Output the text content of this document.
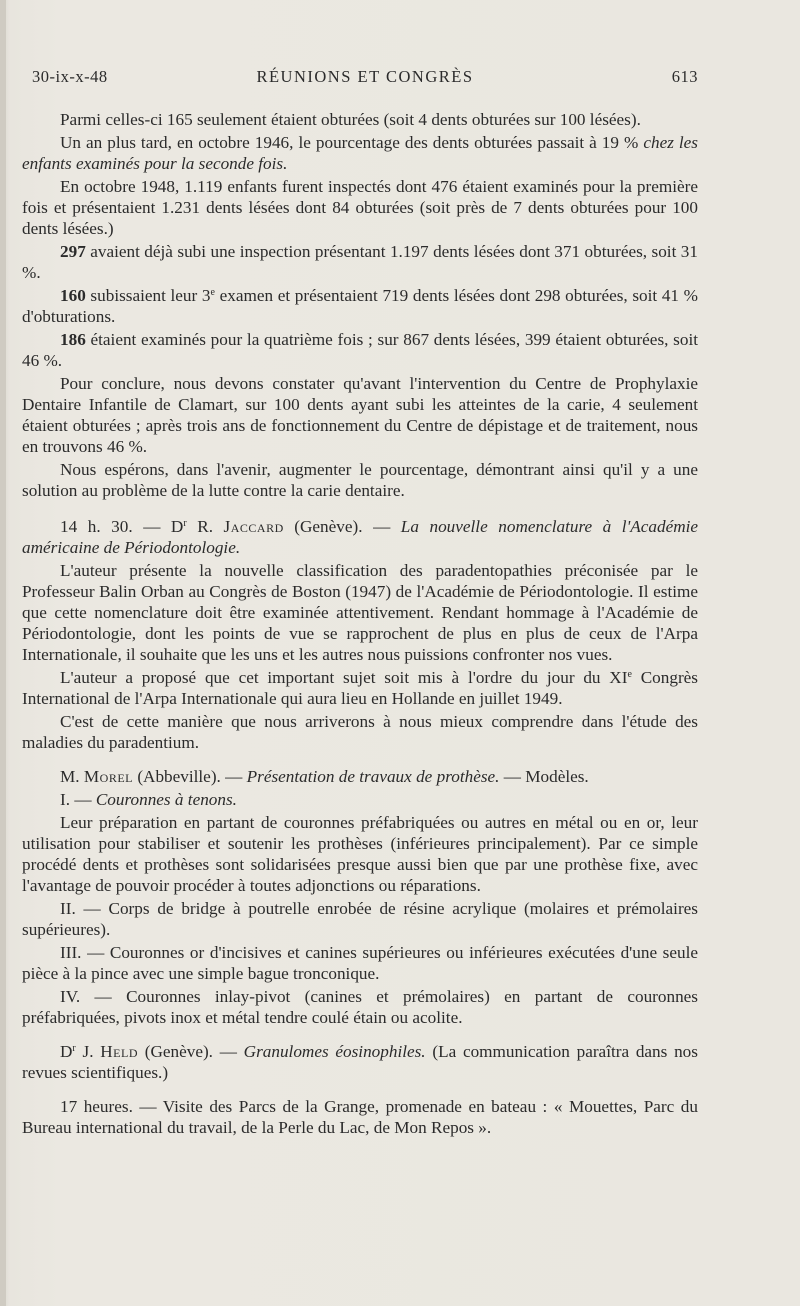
30-ix-x-48	RÉUNIONS ET CONGRÈS	613

Parmi celles-ci 165 seulement étaient obturées (soit 4 dents obturées sur 100 lésées).

Un an plus tard, en octobre 1946, le pourcentage des dents obturées passait à 19 % chez les enfants examinés pour la seconde fois.

En octobre 1948, 1.119 enfants furent inspectés dont 476 étaient examinés pour la première fois et présentaient 1.231 dents lésées dont 84 obturées (soit près de 7 dents obturées pour 100 dents lésées.)

297 avaient déjà subi une inspection présentant 1.197 dents lésées dont 371 obturées, soit 31 %.

160 subissaient leur 3e examen et présentaient 719 dents lésées dont 298 obturées, soit 41 % d'obturations.

186 étaient examinés pour la quatrième fois ; sur 867 dents lésées, 399 étaient obturées, soit 46 %.

Pour conclure, nous devons constater qu'avant l'intervention du Centre de Prophylaxie Dentaire Infantile de Clamart, sur 100 dents ayant subi les atteintes de la carie, 4 seulement étaient obturées ; après trois ans de fonctionnement du Centre de dépistage et de traitement, nous en trouvons 46 %.

Nous espérons, dans l'avenir, augmenter le pourcentage, démontrant ainsi qu'il y a une solution au problème de la lutte contre la carie dentaire.

14 h. 30. — $D^r$ R. Jaccard (Genève). — La nouvelle nomenclature à l'Académie américaine de Périodontologie.

L'auteur présente la nouvelle classification des paradentopathies préconisée par le Professeur Balin Orban au Congrès de Boston (1947) de l'Académie de Périodontologie. Il estime que cette nomenclature doit être examinée attentivement. Rendant hommage à l'Académie de Périodontologie, dont les points de vue se rapprochent de plus en plus de ceux de l'Arpa Internationale, il souhaite que les uns et les autres nous puissions confronter nos vues.

L'auteur a proposé que cet important sujet soit mis à l'ordre du jour du XIe Congrès International de l'Arpa Internationale qui aura lieu en Hollande en juillet 1949.

C'est de cette manière que nous arriverons à nous mieux comprendre dans l'étude des maladies du paradentium.

M. Morel (Abbeville). — Présentation de travaux de prothèse. — Modèles.

I. — Couronnes à tenons.

Leur préparation en partant de couronnes préfabriquées ou autres en métal ou en or, leur utilisation pour stabiliser et soutenir les prothèses (inférieures principalement). Par ce simple procédé dents et prothèses sont solidarisées presque aussi bien que par une prothèse fixe, avec l'avantage de pouvoir procéder à toutes adjonctions ou réparations.

II. — Corps de bridge à poutrelle enrobée de résine acrylique (molaires et prémolaires supérieures).

III. — Couronnes or d'incisives et canines supérieures ou inférieures exécutées d'une seule pièce à la pince avec une simple bague tronconique.

IV. — Couronnes inlay-pivot (canines et prémolaires) en partant de couronnes préfabriquées, pivots inox et métal tendre coulé étain ou acolite.

$D^r$ J. Held (Genève). — Granulomes éosinophiles. (La communication paraîtra dans nos revues scientifiques.)

17 heures. — Visite des Parcs de la Grange, promenade en bateau : « Mouettes, Parc du Bureau international du travail, de la Perle du Lac, de Mon Repos ».
